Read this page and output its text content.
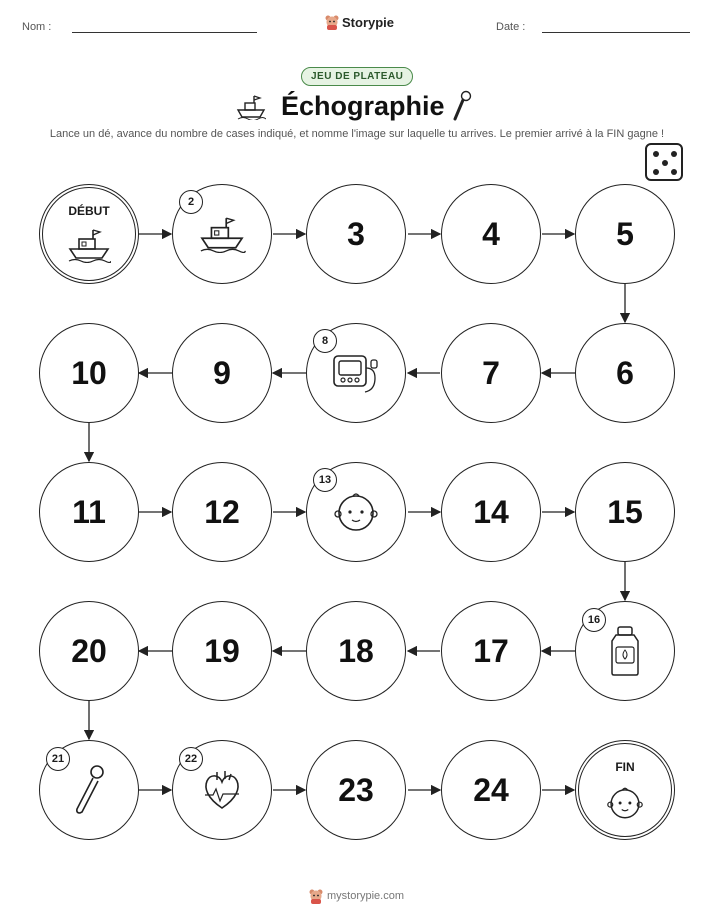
Nom :	Storypie	Date :
JEU DE PLATEAU
Échographie
Lance un dé, avance du nombre de cases indiqué, et nomme l'image sur laquelle tu arrives. Le premier arrivé à la FIN gagne !
DÉBUT
2
3	4	5
10	9
8
7	6
11	12
13
14	15
20	19	18	17
16
21	22
23	24
FIN
mystorypie.com
